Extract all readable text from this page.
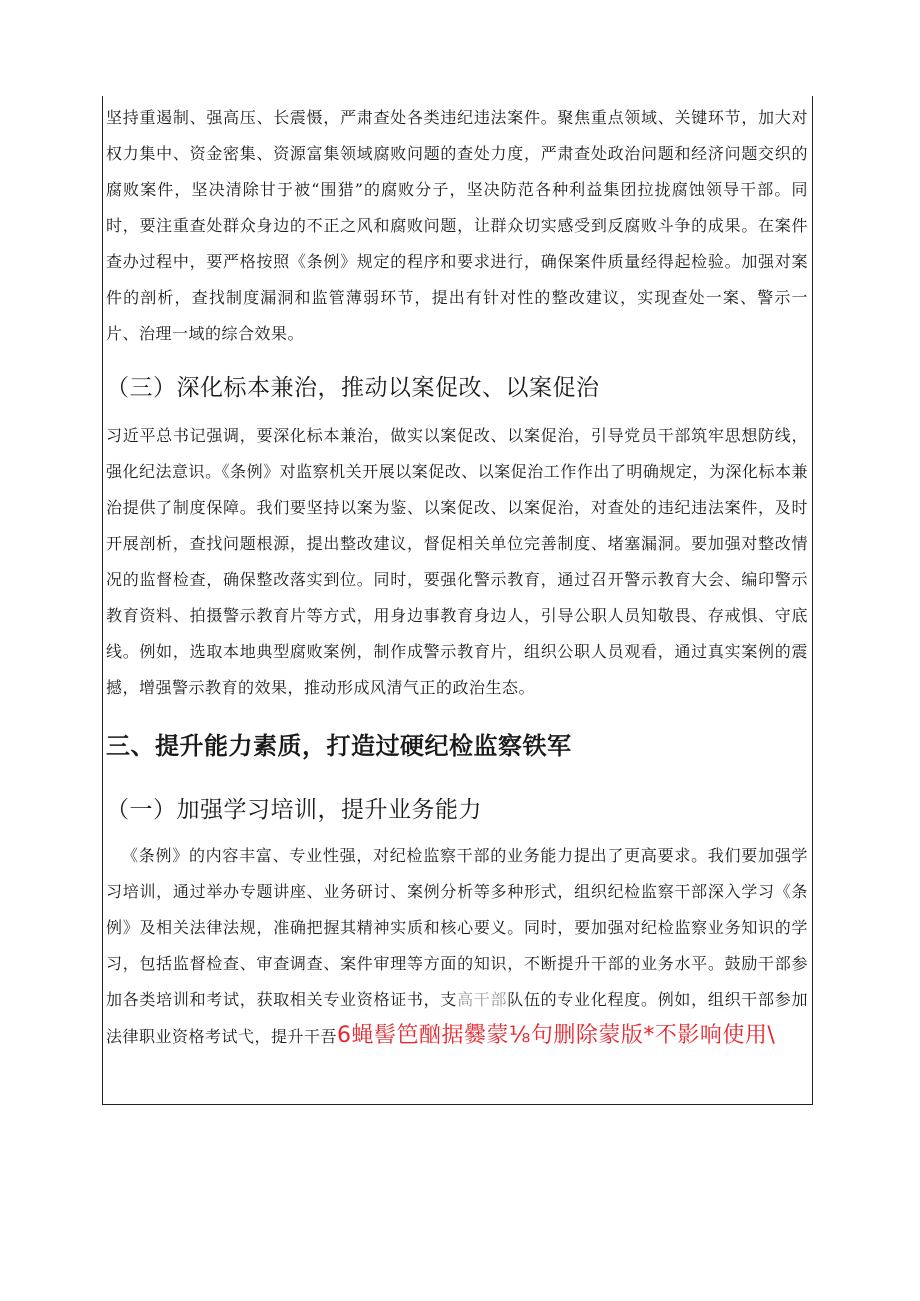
坚持重遏制、强高压、长震慑，严肃查处各类违纪违法案件。聚焦重点领域、关键环节，加大对权力集中、资金密集、资源富集领域腐败问题的查处力度，严肃查处政治问题和经济问题交织的腐败案件，坚决清除甘于被“围猎”的腐败分子，坚决防范各种利益集团拉拢腐蚀领导干部。同时，要注重查处群众身边的不正之风和腐败问题，让群众切实感受到反腐败斗争的成果。在案件查办过程中，要严格按照《条例》规定的程序和要求进行，确保案件质量经得起检验。加强对案件的剖析，查找制度漏洞和监管薄弱环节，提出有针对性的整改建议，实现查处一案、警示一片、治理一域的综合效果。

（三）深化标本兼治，推动以案促改、以案促治

习近平总书记强调，要深化标本兼治，做实以案促改、以案促治，引导党员干部筑牢思想防线，强化纪法意识。《条例》对监察机关开展以案促改、以案促治工作作出了明确规定，为深化标本兼治提供了制度保障。我们要坚持以案为鉴、以案促改、以案促治，对查处的违纪违法案件，及时开展剖析，查找问题根源，提出整改建议，督促相关单位完善制度、堵塞漏洞。要加强对整改情况的监督检查，确保整改落实到位。同时，要强化警示教育，通过召开警示教育大会、编印警示教育资料、拍摄警示教育片等方式，用身边事教育身边人，引导公职人员知敬畏、存戒惧、守底线。例如，选取本地典型腐败案例，制作成警示教育片，组织公职人员观看，通过真实案例的震撼，增强警示教育的效果，推动形成风清气正的政治生态。

三、提升能力素质，打造过硬纪检监察铁军

（一）加强学习培训，提升业务能力

《条例》的内容丰富、专业性强，对纪检监察干部的业务能力提出了更高要求。我们要加强学习培训，通过举办专题讲座、业务研讨、案例分析等多种形式，组织纪检监察干部深入学习《条例》及相关法律法规，准确把握其精神实质和核心要义。同时，要加强对纪检监察业务知识的学习，包括监督检查、审查调查、案件审理等方面的知识，不断提升干部的业务水平。鼓励干部参加各类培训和考试，获取相关专业资格证书，支高干部队伍的专业化程度。例如，组织干部参加法律职业资格考试弋，提升干吾6蝇髻笆酗据爨蒙⅛句删除蒙版*不影响使用\
